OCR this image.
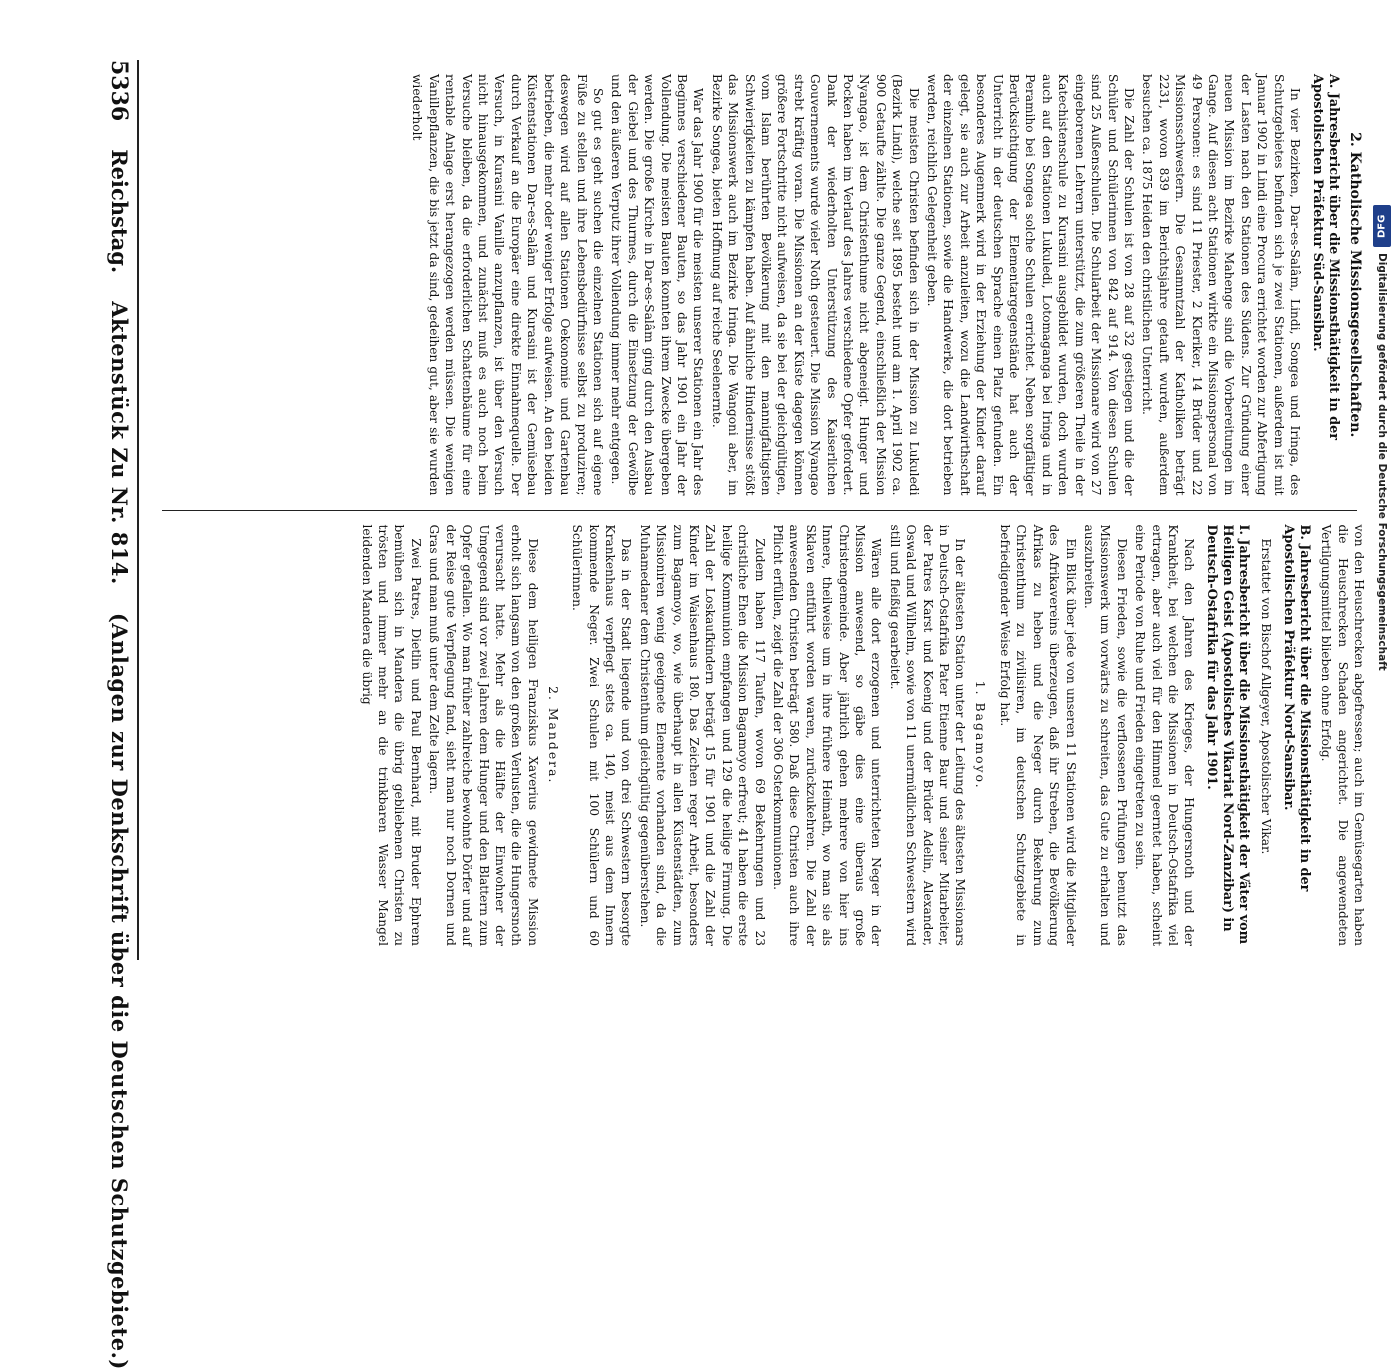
5336
Reichstag.
Aktenstück Zu Nr. 814.
(Anlagen zur Denkschrift über die Deutschen Schutzgebiete.)
2. Katholische Missionsgesellschaften.
A. Jahresbericht über die Missionsthätigkeit in der Apostolischen Präfektur Süd-Sansibar.

In vier Bezirken, Dar-es-Salâm, Lindi, Songea und Iringa, des Schutzgebietes befinden sich je zwei Stationen, außerdem ist mit Januar 1902 in Lindi eine Procura errichtet worden zur Abfertigung der Lasten nach den Stationen des Südens. Zur Gründung einer neuen Mission im Bezirke Mahenge sind die Vorbereitungen im Gange. Auf diesen acht Stationen wirkte ein Missionspersonal von 49 Personen: es sind 11 Priester, 2 Kleriker, 14 Brüder und 22 Missionsschwestern. Die Gesammtzahl der Katholiken beträgt 2231, wovon 839 im Berichtsjahre getauft wurden, außerdem besuchen ca. 1875 Heiden den christlichen Unterricht.

Die Zahl der Schulen ist von 28 auf 32 gestiegen und die der Schüler und Schülerinnen von 842 auf 914. Von diesen Schulen sind 25 Außenschulen. Die Schularbeit der Missionare wird von 27 eingeborenen Lehrern unterstützt, die zum größeren Theile in der Katechistenschule zu Kurasini ausgebildet wurden, doch wurden auch auf den Stationen Lukuledi, Lotomaganga bei Iringa und in Peramiho bei Songea solche Schulen errichtet. Neben sorgfältiger Berücksichtigung der Elementargegenstände hat auch der Unterricht in der deutschen Sprache einen Platz gefunden. Ein besonderes Augenmerk wird in der Erziehung der Kinder darauf gelegt, sie auch zur Arbeit anzuleiten, wozu die Landwirthschaft der einzelnen Stationen, sowie die Handwerke, die dort betrieben werden, reichlich Gelegenheit geben.

Die meisten Christen befinden sich in der Mission zu Lukuledi (Bezirk Lindi), welche seit 1895 besteht und am 1. April 1902 ca. 900 Getaufte zählte. Die ganze Gegend, einschließlich der Mission Nyangao, ist dem Christenthume nicht abgeneigt. Hunger und Pocken haben im Verlauf des Jahres verschiedene Opfer gefordert. Dank der wiederholten Unterstützung des Kaiserlichen Gouvernements wurde vieler Noth gesteuert. Die Mission Nyangao strebt kräftig voran. Die Missionen an der Küste dagegen können größere Fortschritte nicht aufweisen, da sie bei der gleichgültigen, vom Islam berührten Bevölkerung mit den mannigfaltigsten Schwierigkeiten zu kämpfen haben. Auf ähnliche Hindernisse stößt das Missionswerk auch im Bezirke Iringa. Die Wangoni aber, im Bezirke Songea, bieten Hoffnung auf reiche Seelenernte.

War das Jahr 1900 für die meisten unserer Stationen ein Jahr des Beginnes verschiedener Bauten, so das Jahr 1901 ein Jahr der Vollendung. Die meisten Bauten konnten ihrem Zwecke übergeben werden. Die große Kirche in Dar-es-Salâm ging durch den Ausbau der Giebel und des Thurmes, durch die Einsetzung der Gewölbe und den äußeren Verputz ihrer Vollendung immer mehr entgegen.

So gut es geht suchen die einzelnen Stationen sich auf eigene Füße zu stellen und ihre Lebensbedürfnisse selbst zu produziren; deswegen wird auf allen Stationen Oekonomie und Gartenbau betrieben, die mehr oder weniger Erfolge aufweisen. An den beiden Küstenstationen Dar-es-Salâm und Kurasini ist der Gemüsebau durch Verkauf an die Europäer eine direkte Einnahmequelle. Der Versuch, in Kurasini Vanille anzupflanzen, ist über den Versuch nicht hinausgekommen, und zunächst muß es auch noch beim Versuche bleiben, da die erforderlichen Schattenbäume für eine rentable Anlage erst herangezogen werden müssen. Die wenigen Vanillepflanzen, die bis jetzt da sind, gedeihen gut, aber sie wurden wiederholt

von den Heuschrecken abgefressen; auch im Gemüsegarten haben die Heuschrecken Schaden angerichtet. Die angewendeten Vertilgungsmittel blieben ohne Erfolg.

B. Jahresbericht über die Missionsthätigkeit in der Apostolischen Präfektur Nord-Sansibar.

Erstattet von Bischof Allgeyer, Apostolischer Vikar.

I. Jahresbericht über die Missionsthätigkeit der Väter vom Heiligen Geist (Apostolisches Vikariat Nord-Zanzibar) in Deutsch-Ostafrika für das Jahr 1901.

Nach den Jahren des Krieges, der Hungersnoth und der Krankheit, bei welchen die Missionen in Deutsch-Ostafrika viel ertragen, aber auch viel für den Himmel geerntet haben, scheint eine Periode von Ruhe und Frieden eingetreten zu sein.

Diesen Frieden, sowie die verflossenen Prüfungen benutzt das Missionswerk um vorwärts zu schreiten, das Gute zu erhalten und auszubreiten.

Ein Blick über jede von unseren 11 Stationen wird die Mitglieder des Afrikavereins überzeugen, daß ihr Streben, die Bevölkerung Afrikas zu heben und die Neger durch Bekehrung zum Christenthum zu zivilisiren, im deutschen Schutzgebiete in befriedigender Weise Erfolg hat.

1. Bagamoyo.

In der ältesten Station unter der Leitung des ältesten Missionars in Deutsch-Ostafrika Pater Etienne Baur und seiner Mitarbeiter, der Patres Karst und Koenig und der Brüder Adelin, Alexander, Oswald und Wilhelm, sowie von 11 unermüdlichen Schwestern wird still und fleißig gearbeitet.

Wären alle dort erzogenen und unterrichteten Neger in der Mission anwesend, so gäbe dies eine überaus große Christengemeinde. Aber jährlich gehen mehrere von hier ins Innere, theilweise um in ihre frühere Heimath, wo man sie als Sklaven entführt worden waren, zurückzukehren. Die Zahl der anwesenden Christen beträgt 580. Daß diese Christen auch ihre Pflicht erfüllen, zeigt die Zahl der 306 Osterkommunionen.

Zudem haben 117 Taufen, wovon 69 Bekehrungen und 23 christliche Ehen die Mission Bagamoyo erfreut; 41 haben die erste heilige Kommunion empfangen und 129 die heilige Firmung. Die Zahl der Loskaufkindern beträgt 15 für 1901 und die Zahl der Kinder im Waisenhaus 180. Das Zeichen reger Arbeit, besonders zum Bagamoyo, wo, wie überhaupt in allen Küstenstädten, zum Missioniren wenig geeignete Elemente vorhanden sind, da die Muhamedaner dem Christenthum gleichgültig gegenüberstehen.

Das in der Stadt liegende und von drei Schwestern besorgte Krankenhaus verpflegt stets ca. 140, meist aus dem Innern kommende Neger. Zwei Schulen mit 100 Schülern und 60 Schülerinnen.

2. Mandera.

Diese dem heiligen Franziskus Xaverius gewidmete Mission erholt sich langsam von den großen Verlusten, die die Hungersnoth verursacht hatte. Mehr als die Hälfte der Einwohner der Umgegend sind vor zwei Jahren dem Hunger und den Blattern zum Opfer gefallen. Wo man früher zahlreiche bewohnte Dörfer und auf der Reise gute Verpflegung fand, sieht man nur noch Dornen und Gras und man muß unter dem Zelte lagern.

Zwei Patres, Dietlin und Paul Bernhard, mit Bruder Ephrem bemühen sich in Mandera die übrig gebliebenen Christen zu trösten und immer mehr an die trinkbaren Wasser Mangel leidenden Mandera die übrig

DFG
Digitalisierung gefördert durch die Deutsche Forschungsgemeinschaft
